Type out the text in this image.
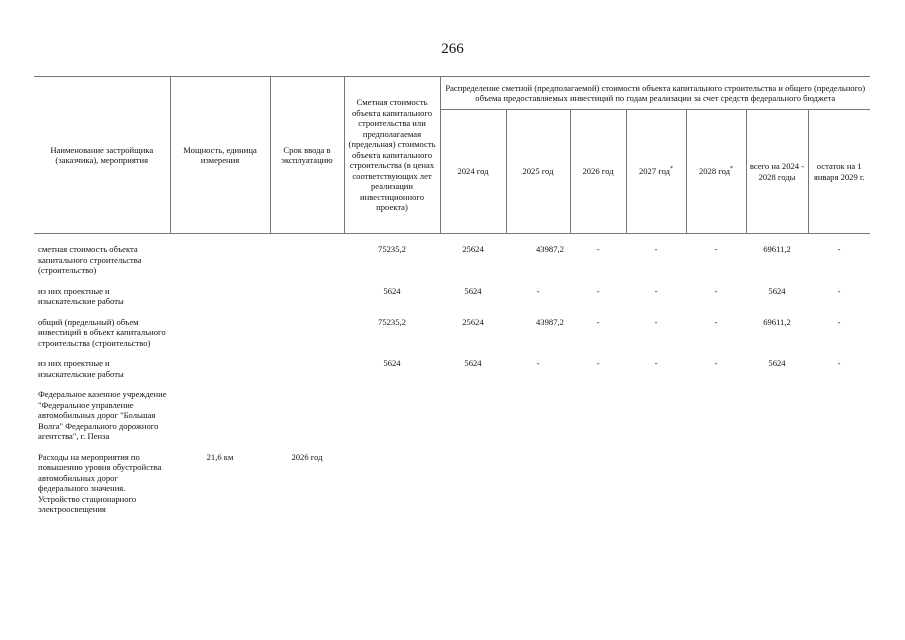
266
Наименование застройщика (заказчика), мероприятия	Мощность, единица измерения	Срок ввода в эксплуатацию	Сметная стоимость объекта капитального строительства или предполагаемая (предельная) стоимость объекта капитального строительства (в ценах соответствующих лет реализации инвестиционного проекта)	Распределение сметной (предполагаемой) стоимости объекта капитального строительства и общего (предельного) объема предоставляемых инвестиций по годам реализации за счет средств федерального бюджета						
				2024 год	2025 год	2026 год	2027 год*	2028 год*	всего на 2024 - 2028 годы	остаток на 1 января 2029 г.

сметная стоимость объекта капитального строительства (строительство)			75235,2	25624	43987,2	-	-	-	69611,2	-

из них проектные и изыскательские работы			5624	5624	-	-	-	-	5624	-

общий (предельный) объем инвестиций в объект капитального строительства (строительство)			75235,2	25624	43987,2	-	-	-	69611,2	-

из них проектные и изыскательские работы			5624	5624	-	-	-	-	5624	-

Федеральное казенное учреждение "Федеральное управление автомобильных дорог "Большая Волга" Федерального дорожного агентства", г. Пенза										

Расходы на мероприятия по повышению уровня обустройства автомобильных дорог федерального значения. Устройство стационарного электроосвещения	21,6 км	2026 год								
